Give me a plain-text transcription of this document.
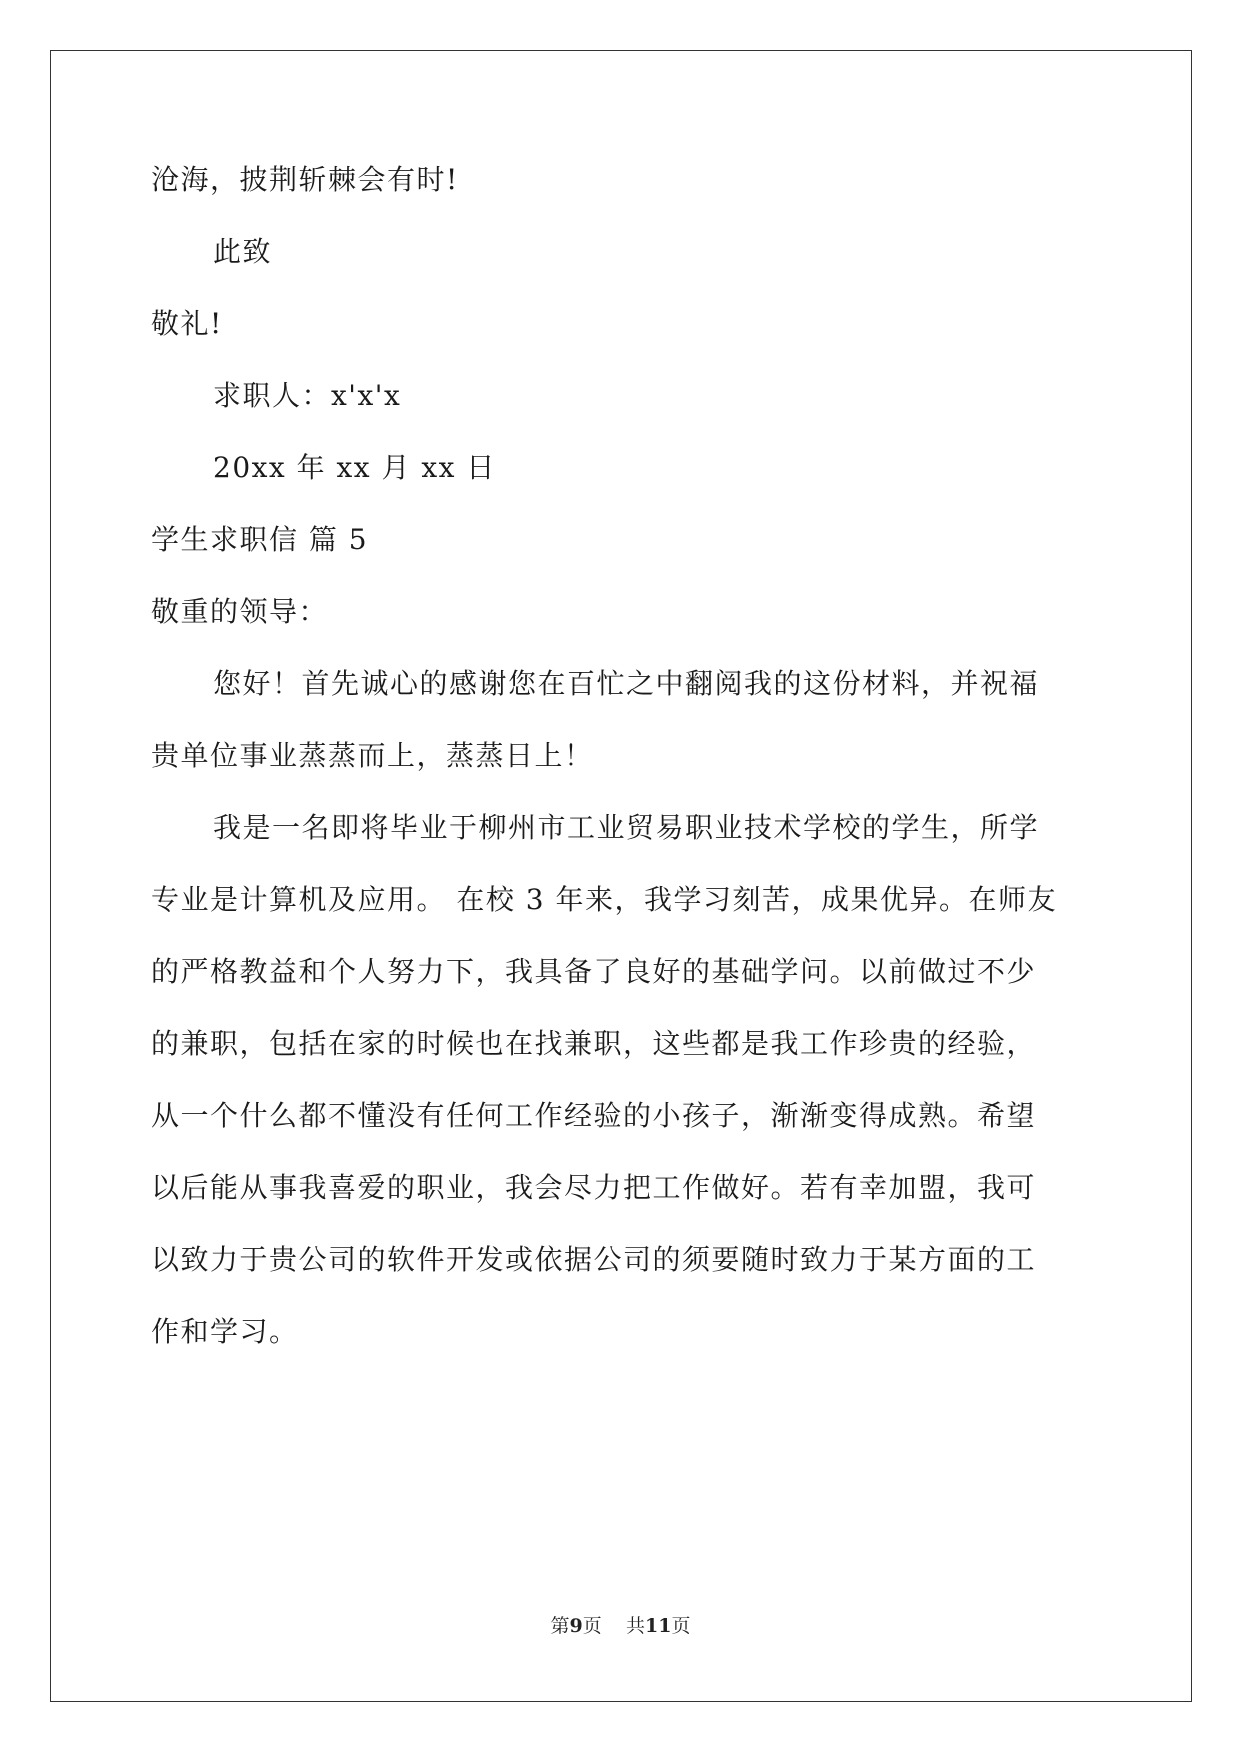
沧海，披荆斩棘会有时!
此致
敬礼!
求职人：x'x'x
20xx 年 xx 月 xx 日
学生求职信 篇 5
敬重的领导：
您好！首先诚心的感谢您在百忙之中翻阅我的这份材料，并祝福
贵单位事业蒸蒸而上，蒸蒸日上！
我是一名即将毕业于柳州市工业贸易职业技术学校的学生，所学
专业是计算机及应用。 在校 3 年来，我学习刻苦，成果优异。在师友
的严格教益和个人努力下，我具备了良好的基础学问。以前做过不少
的兼职，包括在家的时候也在找兼职，这些都是我工作珍贵的经验，
从一个什么都不懂没有任何工作经验的小孩子，渐渐变得成熟。希望
以后能从事我喜爱的职业，我会尽力把工作做好。若有幸加盟，我可
以致力于贵公司的软件开发或依据公司的须要随时致力于某方面的工
作和学习。
第9页 共11页
